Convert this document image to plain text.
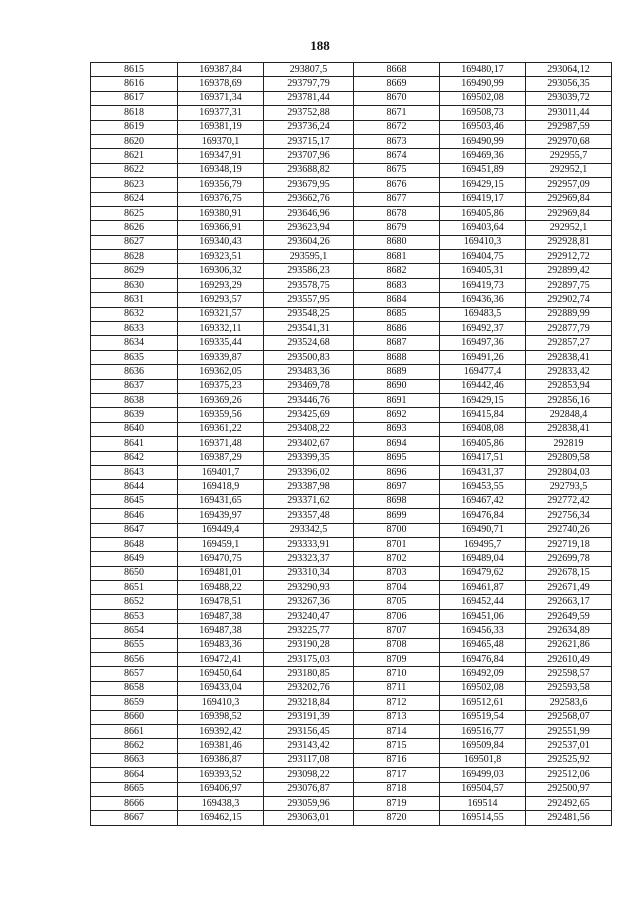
188
8615	169387,84	293807,5	8668	169480,17	293064,12
8616	169378,69	293797,79	8669	169490,99	293056,35
8617	169371,34	293781,44	8670	169502,08	293039,72
8618	169377,31	293752,88	8671	169508,73	293011,44
8619	169381,19	293736,24	8672	169503,46	292987,59
8620	169370,1	293715,17	8673	169490,99	292970,68
8621	169347,91	293707,96	8674	169469,36	292955,7
8622	169348,19	293688,82	8675	169451,89	292952,1
8623	169356,79	293679,95	8676	169429,15	292957,09
8624	169376,75	293662,76	8677	169419,17	292969,84
8625	169380,91	293646,96	8678	169405,86	292969,84
8626	169366,91	293623,94	8679	169403,64	292952,1
8627	169340,43	293604,26	8680	169410,3	292928,81
8628	169323,51	293595,1	8681	169404,75	292912,72
8629	169306,32	293586,23	8682	169405,31	292899,42
8630	169293,29	293578,75	8683	169419,73	292897,75
8631	169293,57	293557,95	8684	169436,36	292902,74
8632	169321,57	293548,25	8685	169483,5	292889,99
8633	169332,11	293541,31	8686	169492,37	292877,79
8634	169335,44	293524,68	8687	169497,36	292857,27
8635	169339,87	293500,83	8688	169491,26	292838,41
8636	169362,05	293483,36	8689	169477,4	292833,42
8637	169375,23	293469,78	8690	169442,46	292853,94
8638	169369,26	293446,76	8691	169429,15	292856,16
8639	169359,56	293425,69	8692	169415,84	292848,4
8640	169361,22	293408,22	8693	169408,08	292838,41
8641	169371,48	293402,67	8694	169405,86	292819
8642	169387,29	293399,35	8695	169417,51	292809,58
8643	169401,7	293396,02	8696	169431,37	292804,03
8644	169418,9	293387,98	8697	169453,55	292793,5
8645	169431,65	293371,62	8698	169467,42	292772,42
8646	169439,97	293357,48	8699	169476,84	292756,34
8647	169449,4	293342,5	8700	169490,71	292740,26
8648	169459,1	293333,91	8701	169495,7	292719,18
8649	169470,75	293323,37	8702	169489,04	292699,78
8650	169481,01	293310,34	8703	169479,62	292678,15
8651	169488,22	293290,93	8704	169461,87	292671,49
8652	169478,51	293267,36	8705	169452,44	292663,17
8653	169487,38	293240,47	8706	169451,06	292649,59
8654	169487,38	293225,77	8707	169456,33	292634,89
8655	169483,36	293190,28	8708	169465,48	292621,86
8656	169472,41	293175,03	8709	169476,84	292610,49
8657	169450,64	293180,85	8710	169492,09	292598,57
8658	169433,04	293202,76	8711	169502,08	292593,58
8659	169410,3	293218,84	8712	169512,61	292583,6
8660	169398,52	293191,39	8713	169519,54	292568,07
8661	169392,42	293156,45	8714	169516,77	292551,99
8662	169381,46	293143,42	8715	169509,84	292537,01
8663	169386,87	293117,08	8716	169501,8	292525,92
8664	169393,52	293098,22	8717	169499,03	292512,06
8665	169406,97	293076,87	8718	169504,57	292500,97
8666	169438,3	293059,96	8719	169514	292492,65
8667	169462,15	293063,01	8720	169514,55	292481,56
